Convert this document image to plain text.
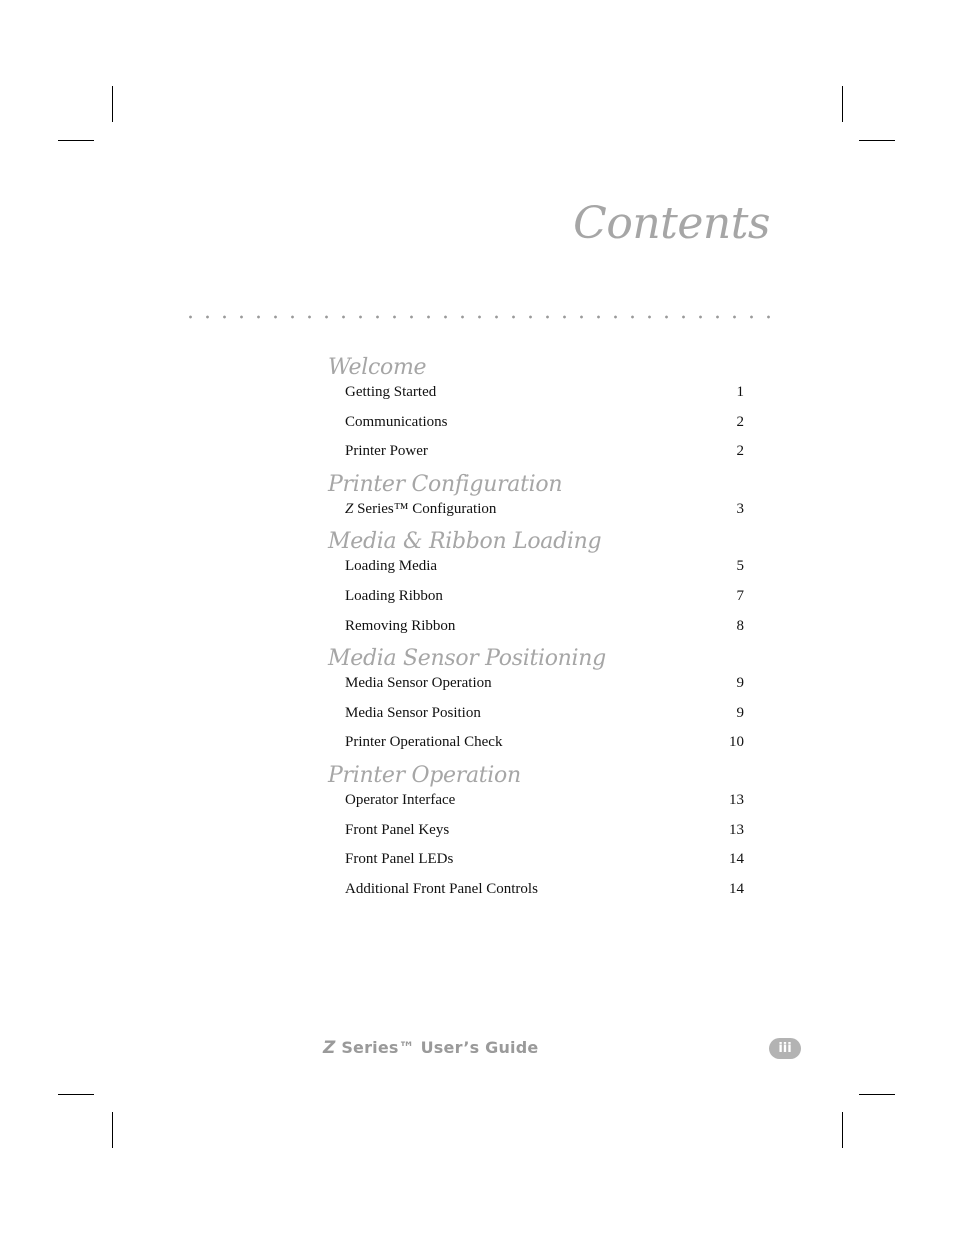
Contents
Welcome
Getting Started	1
Communications	2
Printer Power	2
Printer Configuration
Z Series™ Configuration	3
Media & Ribbon Loading
Loading Media	5
Loading Ribbon	7
Removing Ribbon	8
Media Sensor Positioning
Media Sensor Operation	9
Media Sensor Position	9
Printer Operational Check	10
Printer Operation
Operator Interface	13
Front Panel Keys	13
Front Panel LEDs	14
Additional Front Panel Controls	14
Z Series™ User’s Guide	iii
